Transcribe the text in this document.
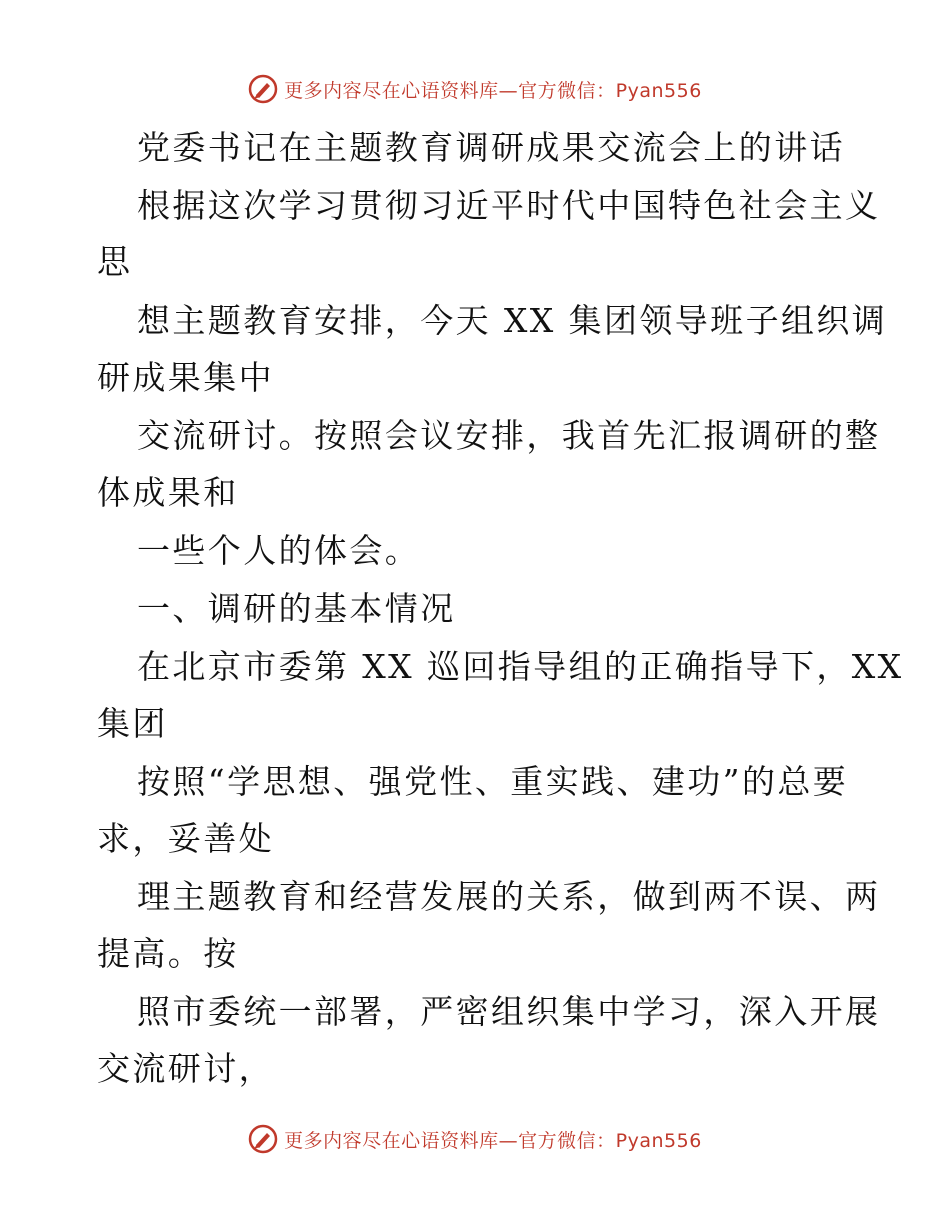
更多内容尽在心语资料库—官方微信：Pyan556
党委书记在主题教育调研成果交流会上的讲话
根据这次学习贯彻习近平时代中国特色社会主义
思
想主题教育安排，今天 XX 集团领导班子组织调
研成果集中
交流研讨。按照会议安排，我首先汇报调研的整
体成果和
一些个人的体会。
一、调研的基本情况
在北京市委第 XX 巡回指导组的正确指导下，XX
集团
按照“学思想、强党性、重实践、建功”的总要
求，妥善处
理主题教育和经营发展的关系，做到两不误、两
提高。按
照市委统一部署，严密组织集中学习，深入开展
交流研讨，
更多内容尽在心语资料库—官方微信：Pyan556
